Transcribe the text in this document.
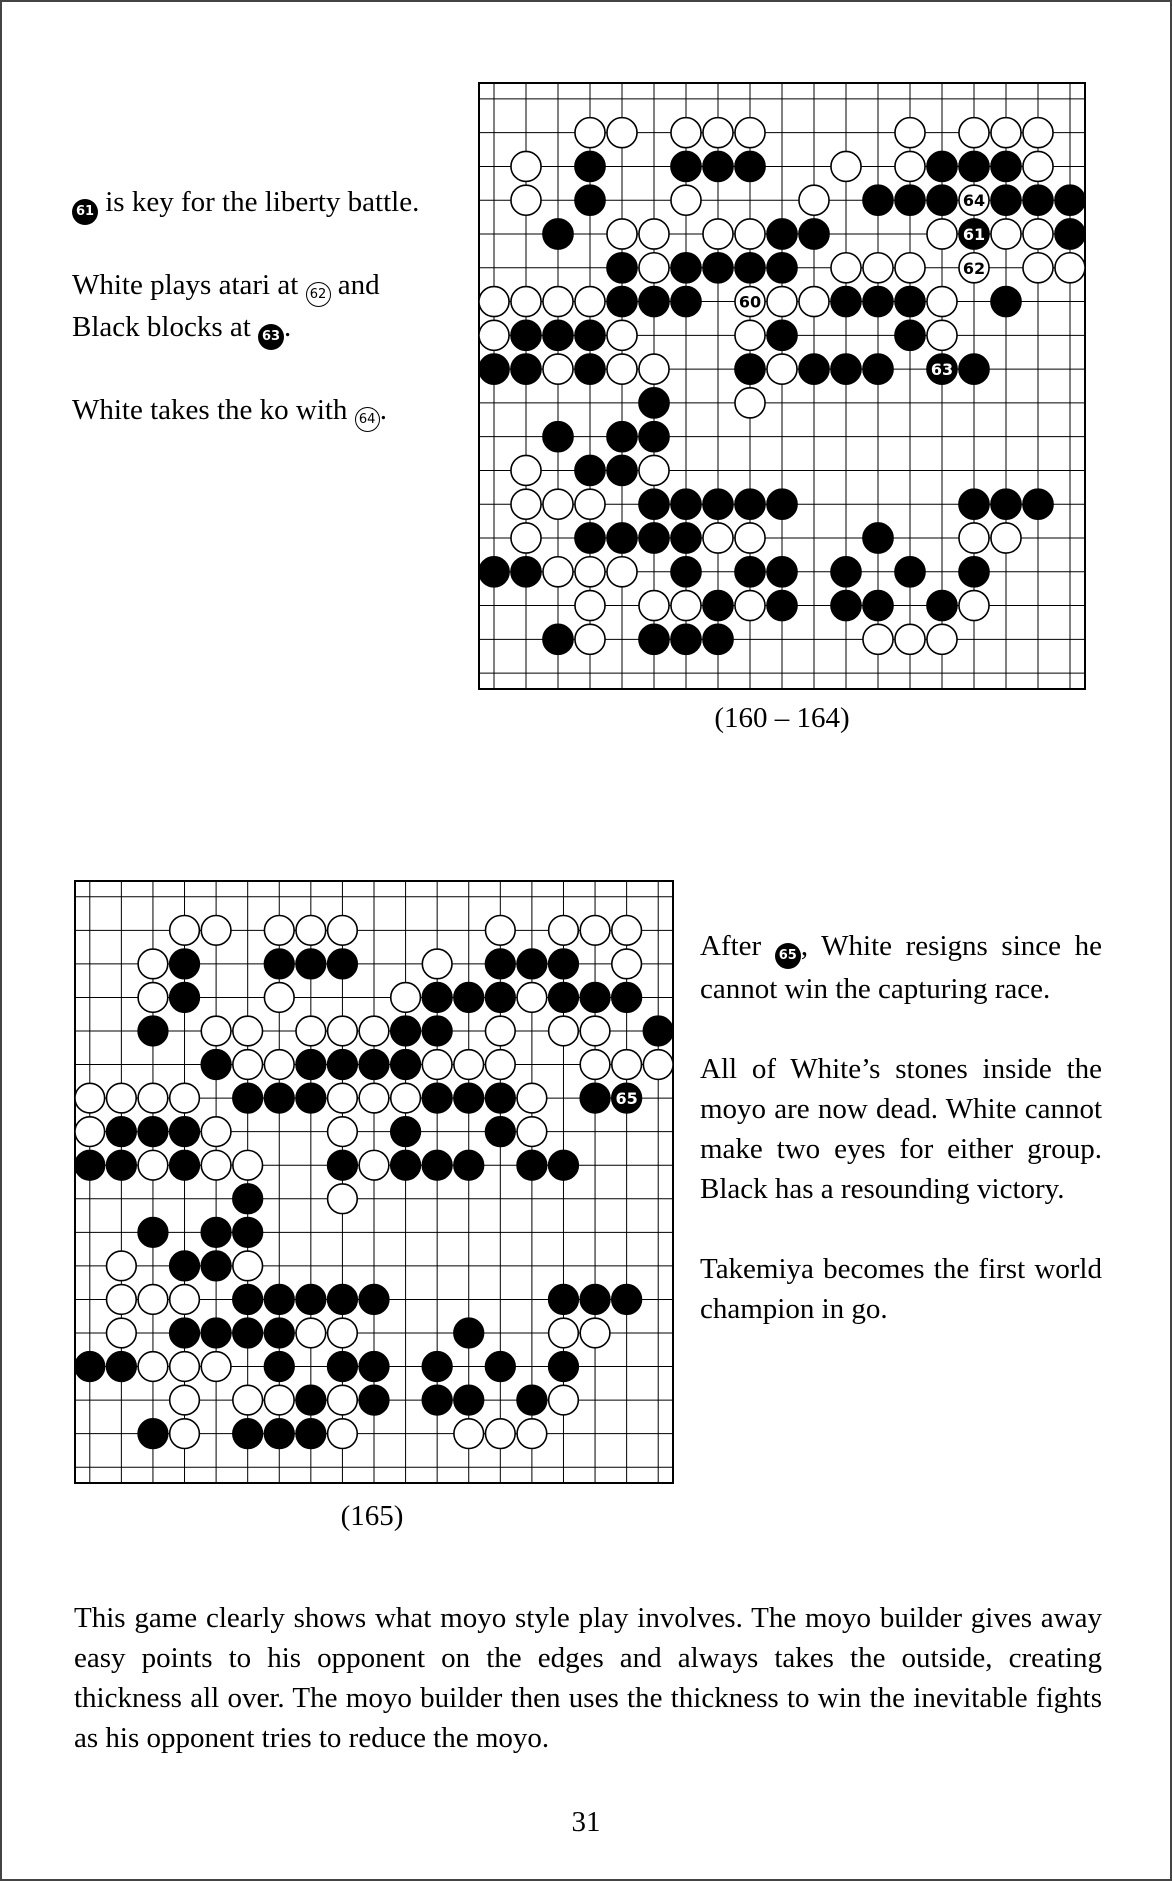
61 is key for the liberty battle.

White plays atari at 62 and Black blocks at 63 .

White takes the ko with 64 .

64
61
62
60
63
(160 – 164)
65
(165)

After 65 , White resigns since he cannot win the capturing race.

All of White’s stones inside the moyo are now dead. White cannot make two eyes for either group. Black has a resounding victory.

Takemiya becomes the first world champion in go.

This game clearly shows what moyo style play involves. The moyo builder gives away easy points to his opponent on the edges and always takes the outside, creating thickness all over. The moyo builder then uses the thickness to win the inevitable fights as his opponent tries to reduce the moyo.
31
